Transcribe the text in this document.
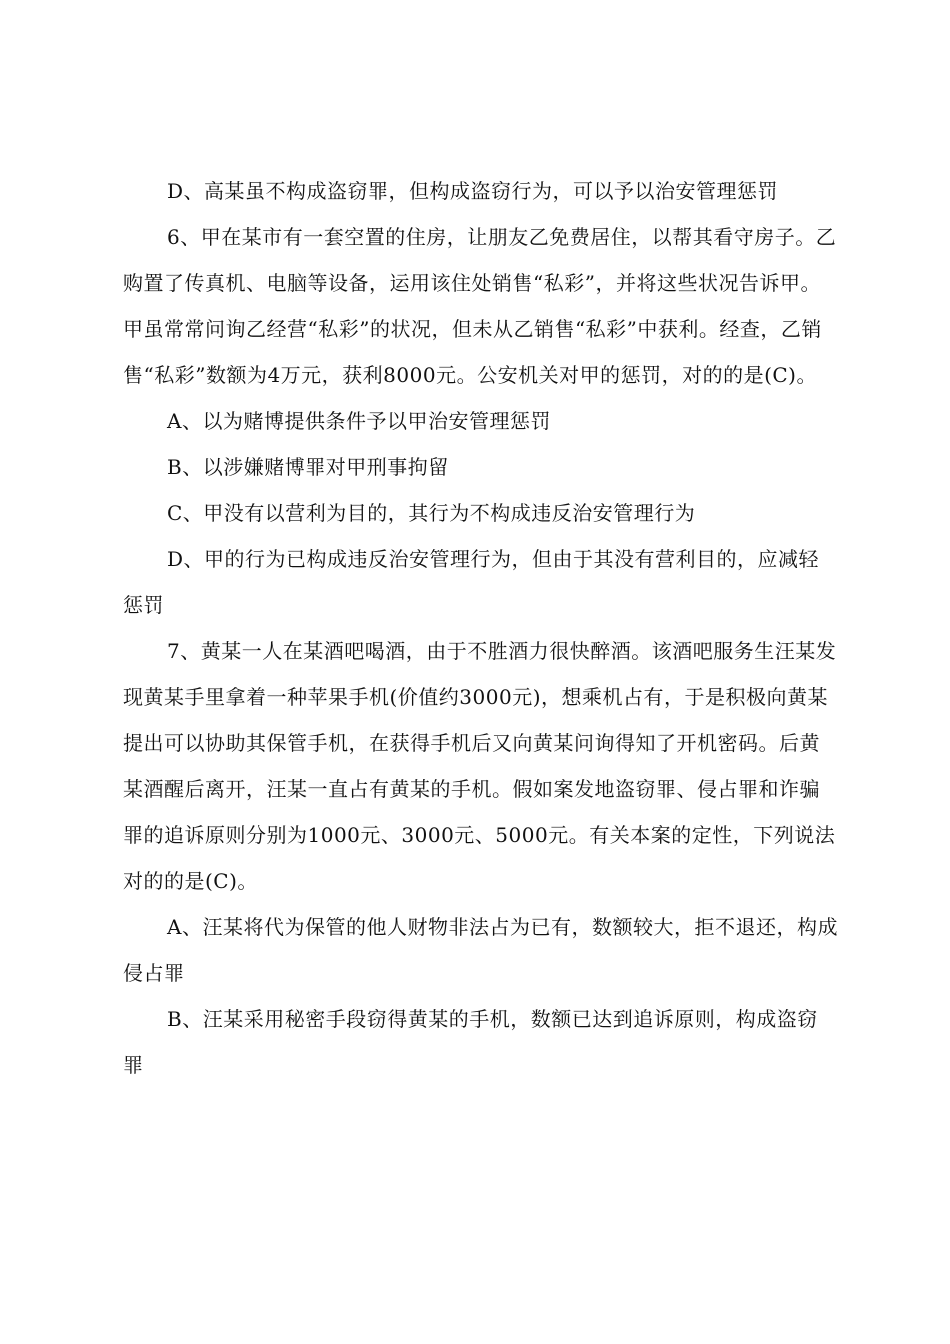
D、高某虽不构成盗窃罪，但构成盗窃行为，可以予以治安管理惩罚

6、甲在某市有一套空置的住房，让朋友乙免费居住，以帮其看守房子。乙购置了传真机、电脑等设备，运用该住处销售“私彩”，并将这些状况告诉甲。甲虽常常问询乙经营“私彩”的状况，但未从乙销售“私彩”中获利。经查，乙销售“私彩”数额为4万元，获利8000元。公安机关对甲的惩罚，对的的是(C)。

A、以为赌博提供条件予以甲治安管理惩罚

B、以涉嫌赌博罪对甲刑事拘留

C、甲没有以营利为目的，其行为不构成违反治安管理行为

D、甲的行为已构成违反治安管理行为，但由于其没有营利目的，应减轻惩罚

7、黄某一人在某酒吧喝酒，由于不胜酒力很快醉酒。该酒吧服务生汪某发现黄某手里拿着一种苹果手机(价值约3000元)，想乘机占有，于是积极向黄某提出可以协助其保管手机，在获得手机后又向黄某问询得知了开机密码。后黄某酒醒后离开，汪某一直占有黄某的手机。假如案发地盗窃罪、侵占罪和诈骗罪的追诉原则分别为1000元、3000元、5000元。有关本案的定性，下列说法对的的是(C)。

A、汪某将代为保管的他人财物非法占为已有，数额较大，拒不退还，构成侵占罪

B、汪某采用秘密手段窃得黄某的手机，数额已达到追诉原则，构成盗窃罪
